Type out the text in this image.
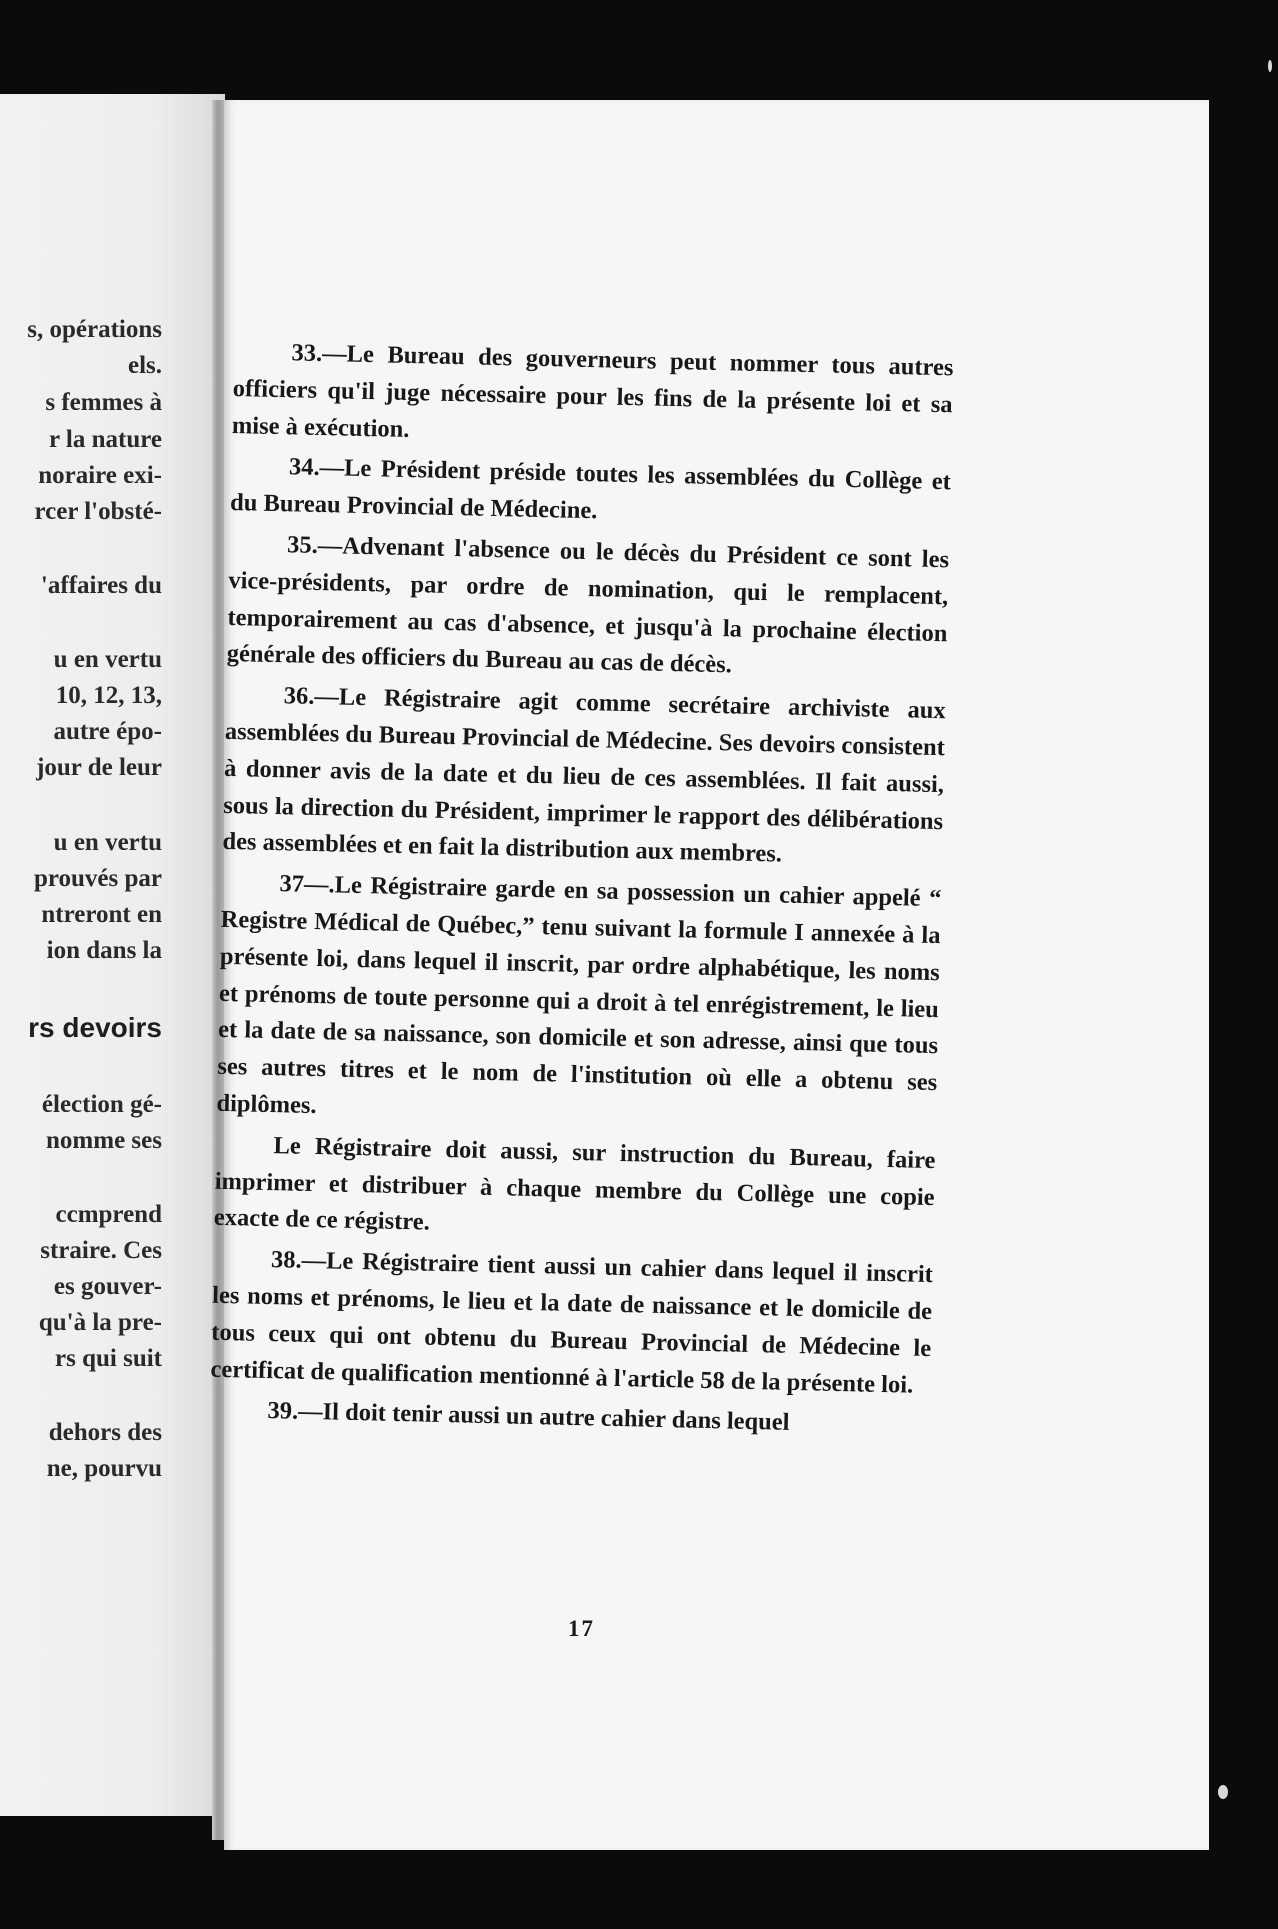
s, opérations
els.
s femmes à
r la nature
noraire exi-
rcer l'obsté-
'affaires du
u en vertu
10, 12, 13,
autre épo-
jour de leur
u en vertu
prouvés par
ntreront en
ion dans la
rs devoirs
élection gé-
nomme ses
ccmprend
straire. Ces
es gouver-
qu'à la pre-
rs qui suit
dehors des
ne, pourvu

33.—Le Bureau des gouverneurs peut nommer tous autres officiers qu'il juge nécessaire pour les fins de la présente loi et sa mise à exécution.

34.—Le Président préside toutes les assemblées du Collège et du Bureau Provincial de Médecine.

35.—Advenant l'absence ou le décès du Président ce sont les vice-présidents, par ordre de nomination, qui le remplacent, temporairement au cas d'absence, et jusqu'à la prochaine élection générale des officiers du Bureau au cas de décès.

36.—Le Régistraire agit comme secrétaire archiviste aux assemblées du Bureau Provincial de Médecine. Ses devoirs consistent à donner avis de la date et du lieu de ces assemblées. Il fait aussi, sous la direction du Président, imprimer le rapport des délibérations des assemblées et en fait la distribution aux membres.

37—.Le Régistraire garde en sa possession un cahier appelé “ Registre Médical de Québec,” tenu suivant la formule I annexée à la présente loi, dans lequel il inscrit, par ordre alphabétique, les noms et prénoms de toute personne qui a droit à tel enrégistrement, le lieu et la date de sa naissance, son domicile et son adresse, ainsi que tous ses autres titres et le nom de l'institution où elle a obtenu ses diplômes.

Le Régistraire doit aussi, sur instruction du Bureau, faire imprimer et distribuer à chaque membre du Collège une copie exacte de ce régistre.

38.—Le Régistraire tient aussi un cahier dans lequel il inscrit les noms et prénoms, le lieu et la date de naissance et le domicile de tous ceux qui ont obtenu du Bureau Provincial de Médecine le certificat de qualification mentionné à l'article 58 de la présente loi.

39.—Il doit tenir aussi un autre cahier dans lequel

17
